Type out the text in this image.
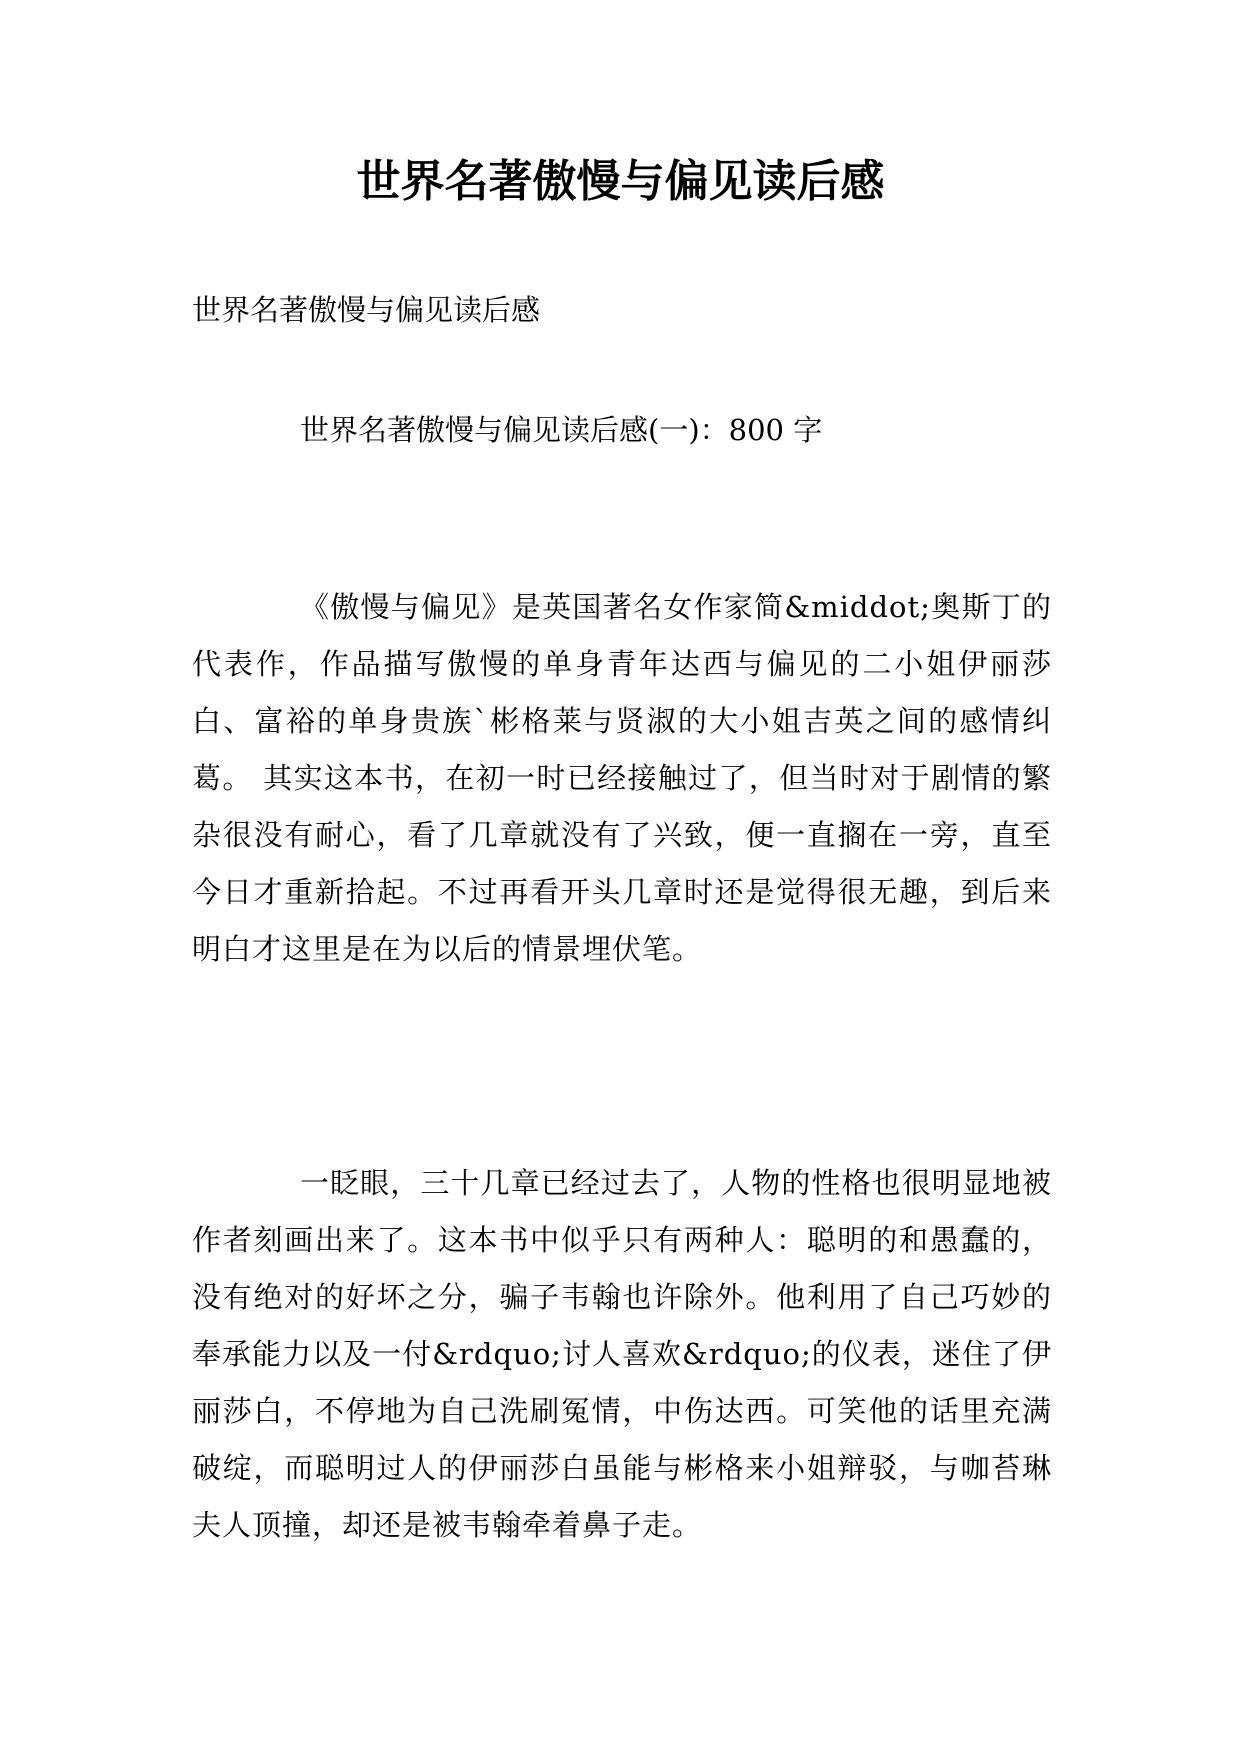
世界名著傲慢与偏见读后感

世界名著傲慢与偏见读后感

世界名著傲慢与偏见读后感(一)：800 字

《傲慢与偏见》是英国著名女作家简&middot;奥斯丁的代表作，作品描写傲慢的单身青年达西与偏见的二小姐伊丽莎白、富裕的单身贵族`彬格莱与贤淑的大小姐吉英之间的感情纠葛。 其实这本书，在初一时已经接触过了，但当时对于剧情的繁杂很没有耐心，看了几章就没有了兴致，便一直搁在一旁，直至今日才重新拾起。不过再看开头几章时还是觉得很无趣，到后来明白才这里是在为以后的情景埋伏笔。

一眨眼，三十几章已经过去了，人物的性格也很明显地被作者刻画出来了。这本书中似乎只有两种人：聪明的和愚蠢的，没有绝对的好坏之分，骗子韦翰也许除外。他利用了自己巧妙的奉承能力以及一付&rdquo;讨人喜欢&rdquo;的仪表，迷住了伊丽莎白，不停地为自己洗刷冤情，中伤达西。可笑他的话里充满破绽，而聪明过人的伊丽莎白虽能与彬格来小姐辩驳，与咖苔琳夫人顶撞，却还是被韦翰牵着鼻子走。
